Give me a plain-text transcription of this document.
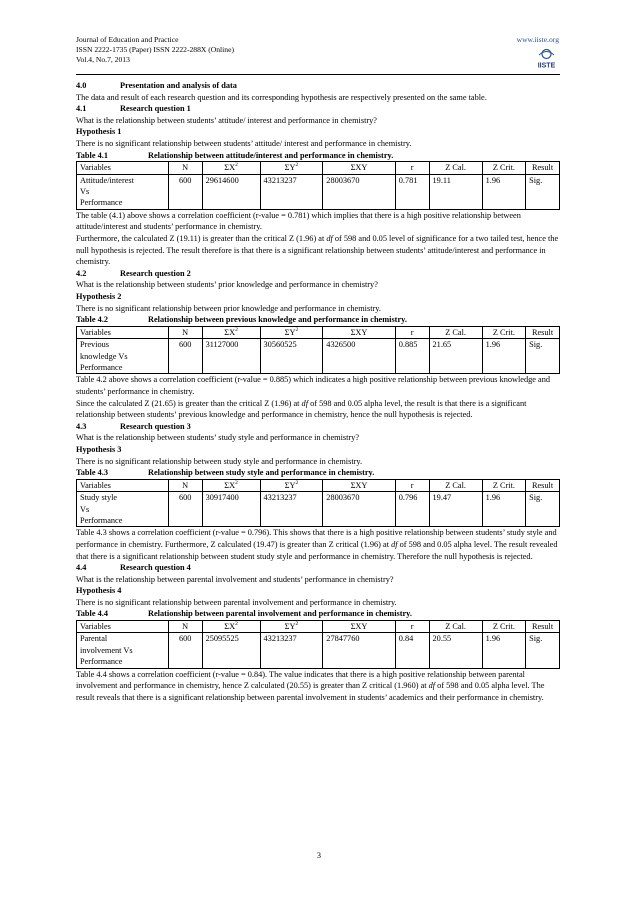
Journal of Education and Practice
ISSN 2222-1735 (Paper) ISSN 2222-288X (Online)
Vol.4, No.7, 2013
www.iiste.org
IISTE

4.0	Presentation and analysis of data

The data and result of each research question and its corresponding hypothesis are respectively presented on the same table.

4.1	Research question 1

What is the relationship between students’ attitude/ interest and performance in chemistry?

Hypothesis 1

There is no significant relationship between students’ attitude/ interest and performance in chemistry.

Table 4.1	Relationship between attitude/interest and performance in chemistry.

Variables	N	$\Sigma X^2$	$\Sigma Y^2$	ΣXY	r	Z Cal.	Z Crit.	Result

Attitude/interest
Vs
Performance	600	29614600	43213237	28003670	0.781	19.11	1.96	Sig.

The table (4.1) above shows a correlation coefficient (r-value = 0.781) which implies that there is a high positive relationship between attitude/interest and students’ performance in chemistry.

Furthermore, the calculated Z (19.11) is greater than the critical Z (1.96) at df of 598 and 0.05 level of significance for a two tailed test, hence the null hypothesis is rejected. The result therefore is that there is a significant relationship between students’ attitude/interest and performance in chemistry.

4.2	Research question 2

What is the relationship between students’ prior knowledge and performance in chemistry?

Hypothesis 2

There is no significant relationship between prior knowledge and performance in chemistry.

Table 4.2	Relationship between previous knowledge and performance in chemistry.

Variables	N	$\Sigma X^2$	$\Sigma Y^2$	ΣXY	r	Z Cal.	Z Crit.	Result

Previous
knowledge Vs
Performance	600	31127000	30560525	4326500	0.885	21.65	1.96	Sig.

Table 4.2 above shows a correlation coefficient (r-value = 0.885) which indicates a high positive relationship between previous knowledge and students’ performance in chemistry.

Since the calculated Z (21.65) is greater than the critical Z (1.96) at df of 598 and 0.05 alpha level, the result is that there is a significant relationship between students’ previous knowledge and performance in chemistry, hence the null hypothesis is rejected.

4.3	Research question 3

What is the relationship between students’ study style and performance in chemistry?

Hypothesis 3

There is no significant relationship between study style and performance in chemistry.

Table 4.3	Relationship between study style and performance in chemistry.

Variables	N	$\Sigma X^2$	$\Sigma Y^2$	ΣXY	r	Z Cal.	Z Crit.	Result

Study style
Vs
Performance	600	30917400	43213237	28003670	0.796	19.47	1.96	Sig.

Table 4.3 shows a correlation coefficient (r-value = 0.796). This shows that there is a high positive relationship between students’ study style and performance in chemistry. Furthermore, Z calculated (19.47) is greater than Z critical (1.96) at df of 598 and 0.05 alpha level. The result revealed that there is a significant relationship between student study style and performance in chemistry. Therefore the null hypothesis is rejected.

4.4	Research question 4

What is the relationship between parental involvement and students’ performance in chemistry?

Hypothesis 4

There is no significant relationship between parental involvement and performance in chemistry.

Table 4.4	Relationship between parental involvement and performance in chemistry.

Variables	N	$\Sigma X^2$	$\Sigma Y^2$	ΣXY	r	Z Cal.	Z Crit.	Result

Parental
involvement Vs
Performance	600	25095525	43213237	27847760	0.84	20.55	1.96	Sig.

Table 4.4 shows a correlation coefficient (r-value = 0.84). The value indicates that there is a high positive relationship between parental involvement and performance in chemistry, hence Z calculated (20.55) is greater than Z critical (1.960) at df of 598 and 0.05 alpha level. The result reveals that there is a significant relationship between parental involvement in students’ academics and their performance in chemistry.

3
